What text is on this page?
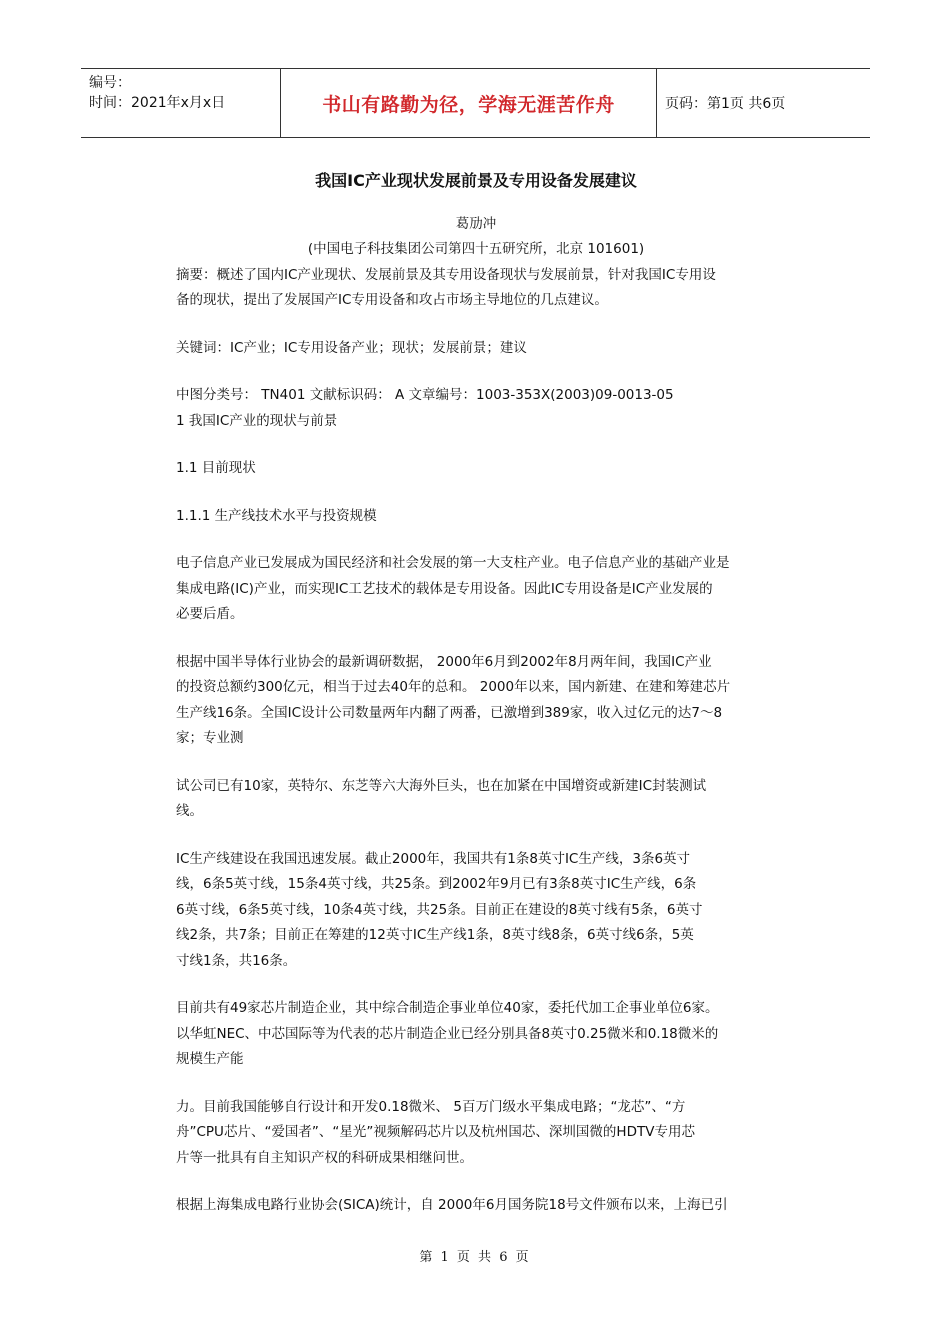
编号：
时间：2021年x月x日	书山有路勤为径，学海无涯苦作舟	页码：第1页 共6页
我国IC产业现状发展前景及专用设备发展建议

葛劢冲

(中国电子科技集团公司第四十五研究所，北京 101601)

摘要：概述了国内IC产业现状、发展前景及其专用设备现状与发展前景，针对我国IC专用设

备的现状，提出了发展国产IC专用设备和攻占市场主导地位的几点建议。

关键词：IC产业；IC专用设备产业；现状；发展前景；建议

中图分类号： TN401 文献标识码： A 文章编号：1003-353X(2003)09-0013-05

1 我国IC产业的现状与前景

1.1 目前现状

1.1.1 生产线技术水平与投资规模

电子信息产业已发展成为国民经济和社会发展的第一大支柱产业。电子信息产业的基础产业是

集成电路(IC)产业，而实现IC工艺技术的载体是专用设备。因此IC专用设备是IC产业发展的

必要后盾。

根据中国半导体行业协会的最新调研数据， 2000年6月到2002年8月两年间，我国IC产业

的投资总额约300亿元，相当于过去40年的总和。 2000年以来，国内新建、在建和筹建芯片

生产线16条。全国IC设计公司数量两年内翻了两番，已激增到389家，收入过亿元的达7～8

家；专业测

试公司已有10家，英特尔、东芝等六大海外巨头，也在加紧在中国增资或新建IC封装测试

线。

IC生产线建设在我国迅速发展。截止2000年，我国共有1条8英寸IC生产线，3条6英寸

线，6条5英寸线，15条4英寸线，共25条。到2002年9月已有3条8英寸IC生产线，6条

6英寸线，6条5英寸线，10条4英寸线，共25条。目前正在建设的8英寸线有5条，6英寸

线2条，共7条；目前正在筹建的12英寸IC生产线1条，8英寸线8条，6英寸线6条，5英

寸线1条，共16条。

目前共有49家芯片制造企业，其中综合制造企事业单位40家，委托代加工企事业单位6家。

以华虹NEC、中芯国际等为代表的芯片制造企业已经分别具备8英寸0.25微米和0.18微米的

规模生产能

力。目前我国能够自行设计和开发0.18微米、 5百万门级水平集成电路；“龙芯”、“方

舟”CPU芯片、“爱国者”、“星光”视频解码芯片以及杭州国芯、深圳国微的HDTV专用芯

片等一批具有自主知识产权的科研成果相继问世。

根据上海集成电路行业协会(SICA)统计，自 2000年6月国务院18号文件颁布以来，上海已引

第 1 页 共 6 页
